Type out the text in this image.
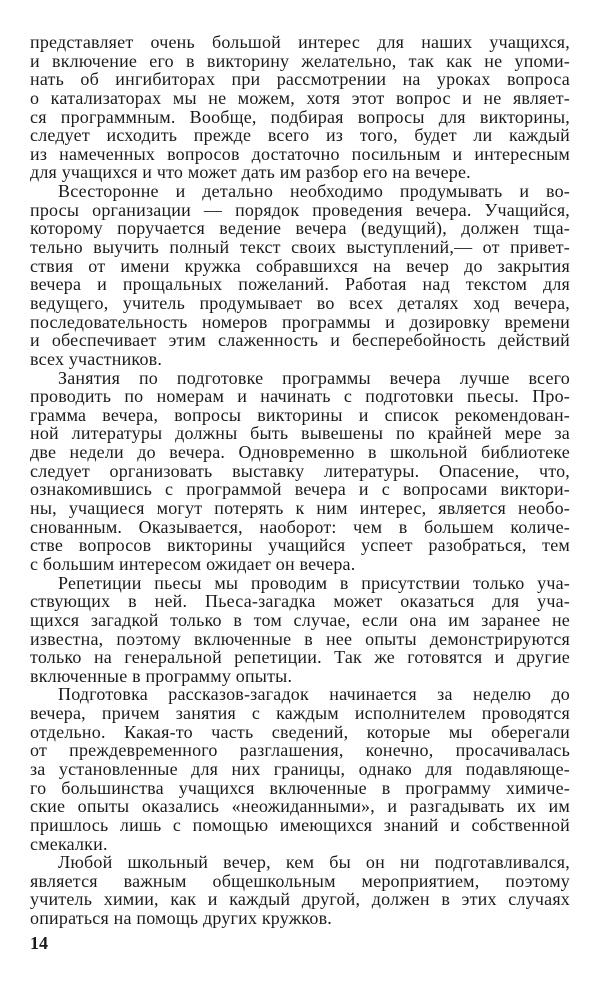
представляет очень большой интерес для наших учащихся,
и включение его в викторину желательно, так как не упоми-
нать об ингибиторах при рассмотрении на уроках вопроса
о катализаторах мы не можем, хотя этот вопрос и не являет-
ся программным. Вообще, подбирая вопросы для викторины,
следует исходить прежде всего из того, будет ли каждый
из намеченных вопросов достаточно посильным и интересным
для учащихся и что может дать им разбор его на вечере.
Всесторонне и детально необходимо продумывать и во-
просы организации — порядок проведения вечера. Учащийся,
которому поручается ведение вечера (ведущий), должен тща-
тельно выучить полный текст своих выступлений,— от привет-
ствия от имени кружка собравшихся на вечер до закрытия
вечера и прощальных пожеланий. Работая над текстом для
ведущего, учитель продумывает во всех деталях ход вечера,
последовательность номеров программы и дозировку времени
и обеспечивает этим слаженность и бесперебойность действий
всех участников.
Занятия по подготовке программы вечера лучше всего
проводить по номерам и начинать с подготовки пьесы. Про-
грамма вечера, вопросы викторины и список рекомендован-
ной литературы должны быть вывешены по крайней мере за
две недели до вечера. Одновременно в школьной библиотеке
следует организовать выставку литературы. Опасение, что,
ознакомившись с программой вечера и с вопросами виктори-
ны, учащиеся могут потерять к ним интерес, является необо-
снованным. Оказывается, наоборот: чем в большем количе-
стве вопросов викторины учащийся успеет разобраться, тем
с большим интересом ожидает он вечера.
Репетиции пьесы мы проводим в присутствии только уча-
ствующих в ней. Пьеса-загадка может оказаться для уча-
щихся загадкой только в том случае, если она им заранее не
известна, поэтому включенные в нее опыты демонстрируются
только на генеральной репетиции. Так же готовятся и другие
включенные в программу опыты.
Подготовка рассказов-загадок начинается за неделю до
вечера, причем занятия с каждым исполнителем проводятся
отдельно. Какая-то часть сведений, которые мы оберегали
от преждевременного разглашения, конечно, просачивалась
за установленные для них границы, однако для подавляюще-
го большинства учащихся включенные в программу химиче-
ские опыты оказались «неожиданными», и разгадывать их им
пришлось лишь с помощью имеющихся знаний и собственной
смекалки.
Любой школьный вечер, кем бы он ни подготавливался,
является важным общешкольным мероприятием, поэтому
учитель химии, как и каждый другой, должен в этих случаях
опираться на помощь других кружков.
14
